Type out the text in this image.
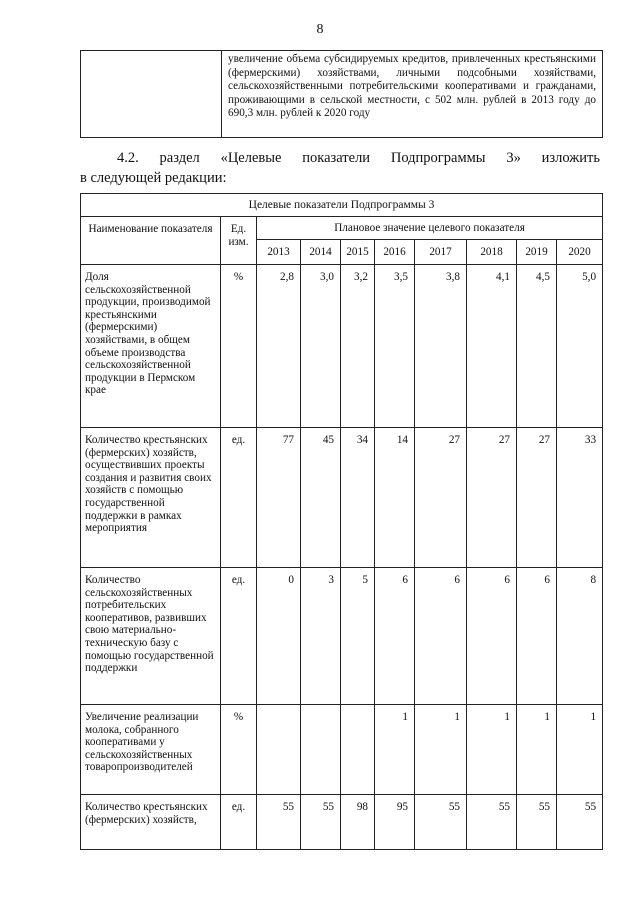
8
увеличение объема субсидируемых кредитов, привлеченных крестьянскими (фермерскими) хозяйствами, личными подсобными хозяйствами, сельскохозяйственными потребительскими кооперативами и гражданами, проживающими в сельской местности, с 502 млн. рублей в 2013 году до 690,3 млн. рублей к 2020 году
4.2. раздел «Целевые показатели Подпрограммы 3» изложить
в следующей редакции:
Целевые показатели Подпрограммы 3									
Наименование показателя	Ед. изм.	Плановое значение целевого показателя							
		2013	2014	2015	2016	2017	2018	2019	2020
Доля сельскохозяйственной продукции, производимой крестьянскими (фермерскими) хозяйствами, в общем объеме производства сельскохозяйственной продукции в Пермском крае	%	2,8	3,0	3,2	3,5	3,8	4,1	4,5	5,0
Количество крестьянских (фермерских) хозяйств, осуществивших проекты создания и развития своих хозяйств с помощью государственной поддержки в рамках мероприятия	ед.	77	45	34	14	27	27	27	33
Количество сельскохозяйственных потребительских кооперативов, развивших свою материально-техническую базу с помощью государственной поддержки	ед.	0	3	5	6	6	6	6	8
Увеличение реализации молока, собранного кооперативами у сельскохозяйственных товаропроизводителей	%				1	1	1	1	1
Количество крестьянских (фермерских) хозяйств,	ед.	55	55	98	95	55	55	55	55
